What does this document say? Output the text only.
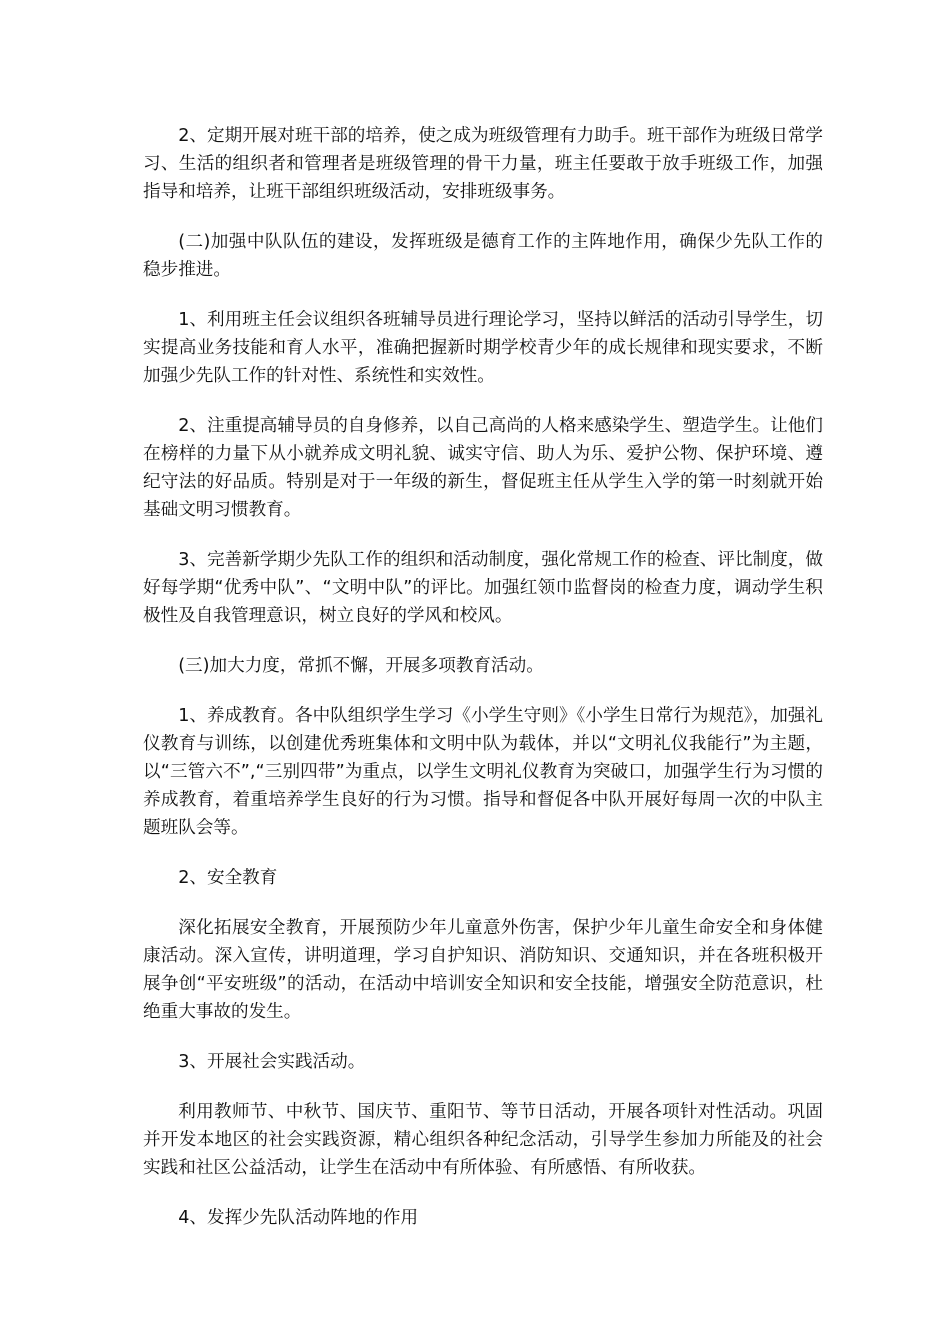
2、定期开展对班干部的培养，使之成为班级管理有力助手。班干部作为班级日常学习、生活的组织者和管理者是班级管理的骨干力量，班主任要敢于放手班级工作，加强指导和培养，让班干部组织班级活动，安排班级事务。

(二)加强中队队伍的建设，发挥班级是德育工作的主阵地作用，确保少先队工作的稳步推进。

1、利用班主任会议组织各班辅导员进行理论学习，坚持以鲜活的活动引导学生，切实提高业务技能和育人水平，准确把握新时期学校青少年的成长规律和现实要求，不断加强少先队工作的针对性、系统性和实效性。

2、注重提高辅导员的自身修养，以自己高尚的人格来感染学生、塑造学生。让他们在榜样的力量下从小就养成文明礼貌、诚实守信、助人为乐、爱护公物、保护环境、遵纪守法的好品质。特别是对于一年级的新生，督促班主任从学生入学的第一时刻就开始基础文明习惯教育。

3、完善新学期少先队工作的组织和活动制度，强化常规工作的检查、评比制度，做好每学期“优秀中队”、“文明中队”的评比。加强红领巾监督岗的检查力度，调动学生积极性及自我管理意识，树立良好的学风和校风。

(三)加大力度，常抓不懈，开展多项教育活动。

1、养成教育。各中队组织学生学习《小学生守则》《小学生日常行为规范》，加强礼仪教育与训练，以创建优秀班集体和文明中队为载体，并以“文明礼仪我能行”为主题，以“三管六不”,“三别四带”为重点，以学生文明礼仪教育为突破口，加强学生行为习惯的养成教育，着重培养学生良好的行为习惯。指导和督促各中队开展好每周一次的中队主题班队会等。

2、安全教育

深化拓展安全教育，开展预防少年儿童意外伤害，保护少年儿童生命安全和身体健康活动。深入宣传，讲明道理，学习自护知识、消防知识、交通知识，并在各班积极开展争创“平安班级”的活动，在活动中培训安全知识和安全技能，增强安全防范意识，杜绝重大事故的发生。

3、开展社会实践活动。

利用教师节、中秋节、国庆节、重阳节、等节日活动，开展各项针对性活动。巩固并开发本地区的社会实践资源，精心组织各种纪念活动，引导学生参加力所能及的社会实践和社区公益活动，让学生在活动中有所体验、有所感悟、有所收获。

4、发挥少先队活动阵地的作用
